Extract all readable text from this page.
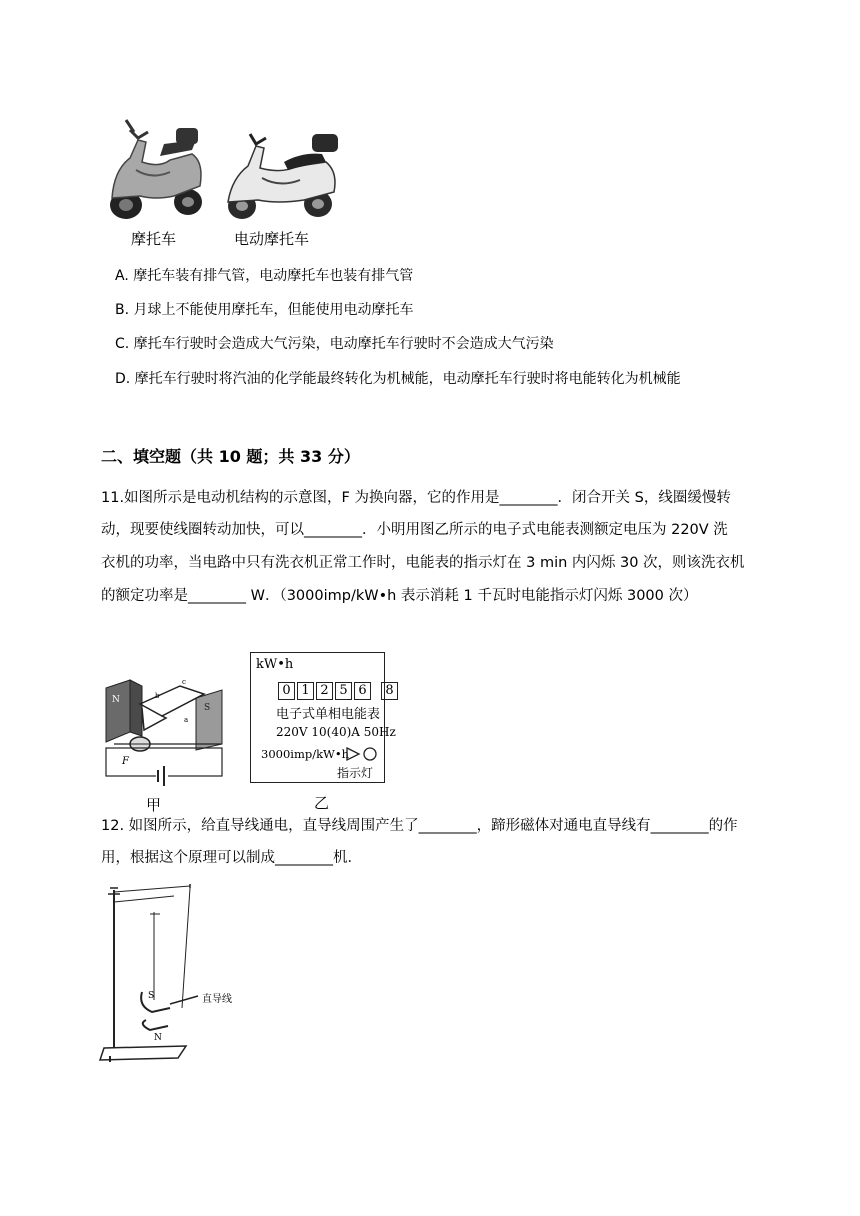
摩托车	电动摩托车
A. 摩托车装有排气管，电动摩托车也装有排气管
B. 月球上不能使用摩托车，但能使用电动摩托车
C. 摩托车行驶时会造成大气污染，电动摩托车行驶时不会造成大气污染
D. 摩托车行驶时将汽油的化学能最终转化为机械能，电动摩托车行驶时将电能转化为机械能
二、填空题（共 10 题；共 33 分）
11.如图所示是电动机结构的示意图，F 为换向器，它的作用是________．闭合开关 S，线圈缓慢转
动，现要使线圈转动加快，可以________．小明用图乙所示的电子式电能表测额定电压为 220V 洗
衣机的功率，当电路中只有洗衣机正常工作时，电能表的指示灯在 3 min 内闪烁 30 次，则该洗衣机
的额定功率是________ W．（3000imp/kW•h 表示消耗 1 千瓦时电能指示灯闪烁 3000 次）
N
S
b
c
a
F
甲
kW•h
0 1 2 5 6 8
电子式单相电能表
220V 10(40)A 50Hz
3000imp/kW•h
指示灯
乙
12. 如图所示，给直导线通电，直导线周围产生了________，蹄形磁体对通电直导线有________的作
用，根据这个原理可以制成________机．
S
N
直导线
